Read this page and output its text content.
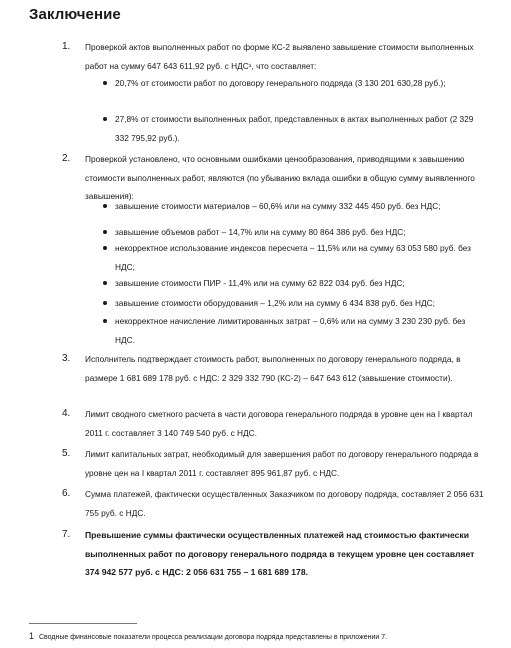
Заключение
1.	Проверкой актов выполненных работ по форме КС-2 выявлено завышение стоимости выполненных работ на сумму 647 643 611,92 руб. с НДС¹, что составляет:
20,7% от стоимости работ по договору генерального подряда (3 130 201 630,28 руб.);
27,8% от стоимости выполненных работ, представленных в актах выполненных работ (2 329 332 795,92 руб.).
2.	Проверкой установлено, что основными ошибками ценообразования, приводящими к завышению стоимости выполненных работ, являются (по убыванию вклада ошибки в общую сумму выявленного завышения):
завышение стоимости материалов – 60,6% или на сумму 332 445 450 руб. без НДС;
завышение объемов работ – 14,7% или на сумму 80 864 386 руб. без НДС;
некорректное использование индексов пересчета – 11,5% или на сумму 63 053 580 руб. без НДС;
завышение стоимости ПИР - 11,4% или на сумму 62 822 034 руб. без НДС;
завышение стоимости оборудования – 1,2% или на сумму 6 434 838 руб. без НДС;
некорректное начисление лимитированных затрат – 0,6% или на сумму 3 230 230 руб. без НДС.
3.	Исполнитель подтверждает стоимость работ, выполненных по договору генерального подряда, в размере 1 681 689 178 руб. с НДС: 2 329 332 790 (КС-2) – 647 643 612 (завышение стоимости).
4.	Лимит сводного сметного расчета в части договора генерального подряда в уровне цен на I квартал 2011 г. составляет 3 140 749 540 руб. с НДС.
5.	Лимит капитальных затрат, необходимый для завершения работ по договору генерального подряда в уровне цен на I квартал 2011 г. составляет 895 961,87 руб. с НДС.
6.	Сумма платежей, фактически осуществленных Заказчиком по договору подряда, составляет 2 056 631 755 руб. с НДС.
7.	Превышение суммы фактически осуществленных платежей над стоимостью фактически выполненных работ по договору генерального подряда в текущем уровне цен составляет 374 942 577 руб. с НДС: 2 056 631 755 – 1 681 689 178.
1 Сводные финансовые показатели процесса реализации договора подряда представлены в приложении 7.
